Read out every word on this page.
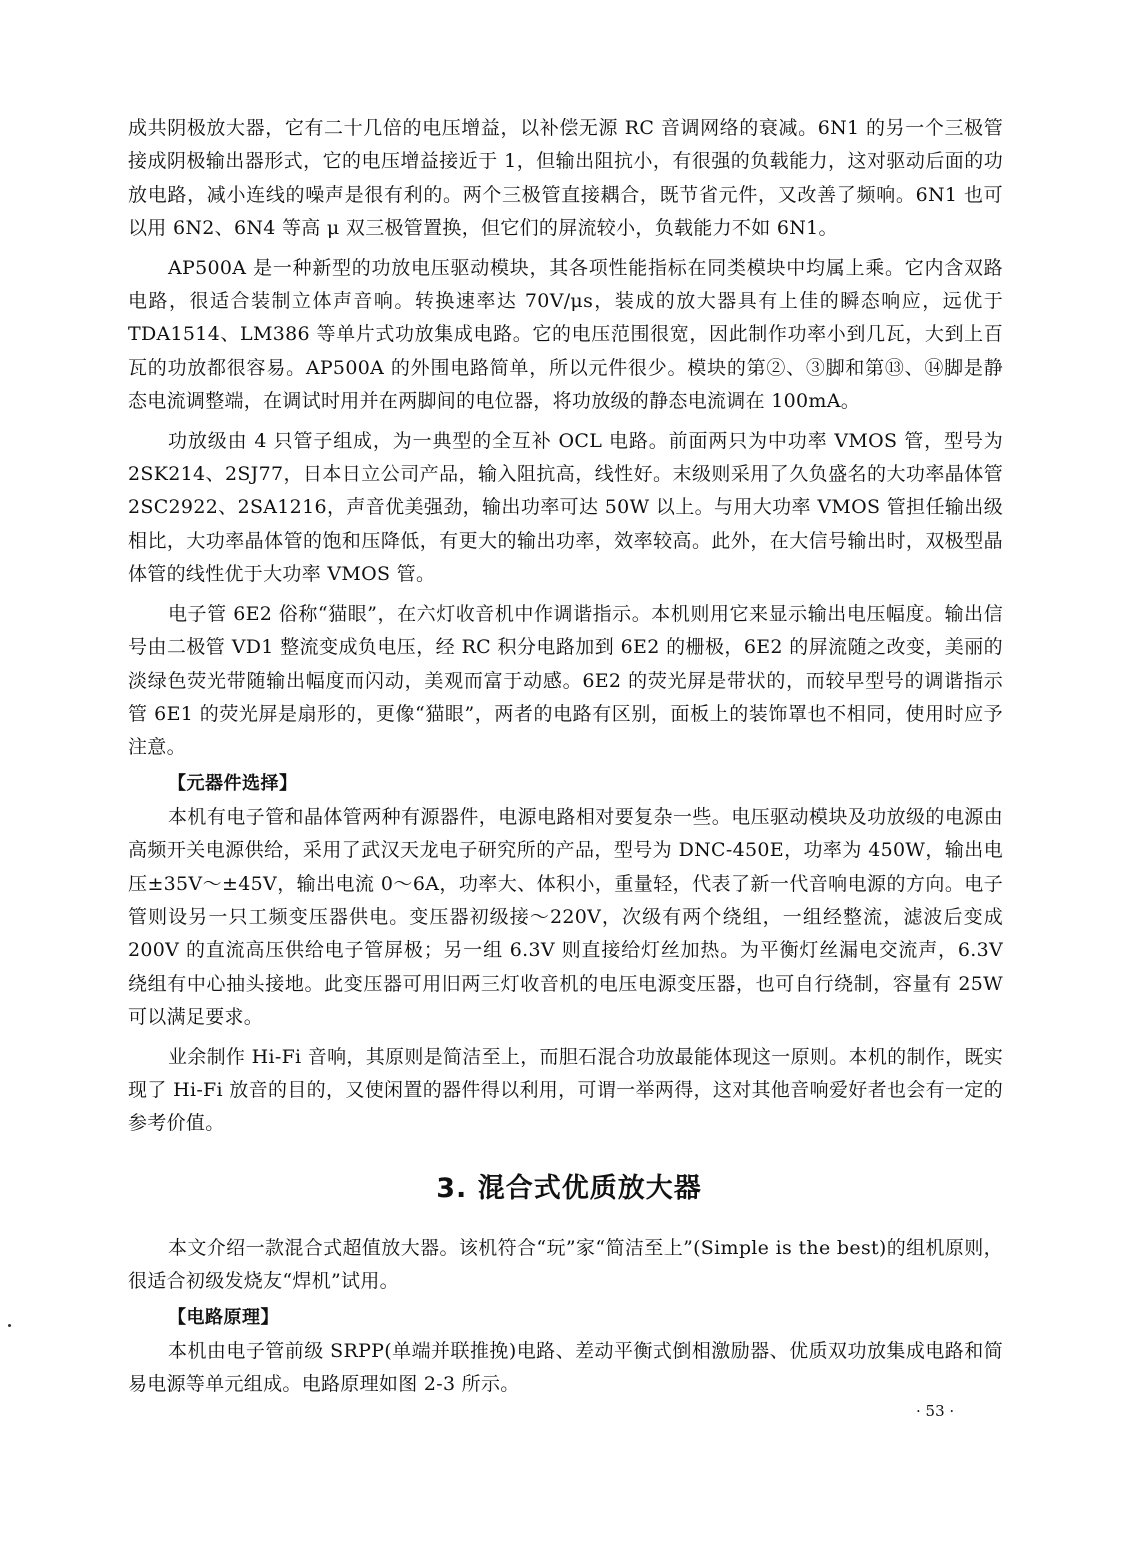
成共阴极放大器，它有二十几倍的电压增益，以补偿无源 RC 音调网络的衰减。6N1 的另一个三极管接成阴极输出器形式，它的电压增益接近于 1，但输出阻抗小，有很强的负载能力，这对驱动后面的功放电路，减小连线的噪声是很有利的。两个三极管直接耦合，既节省元件，又改善了频响。6N1 也可以用 6N2、6N4 等高 μ 双三极管置换，但它们的屏流较小，负载能力不如 6N1。

AP500A 是一种新型的功放电压驱动模块，其各项性能指标在同类模块中均属上乘。它内含双路电路，很适合装制立体声音响。转换速率达 70V/μs，装成的放大器具有上佳的瞬态响应，远优于 TDA1514、LM386 等单片式功放集成电路。它的电压范围很宽，因此制作功率小到几瓦，大到上百瓦的功放都很容易。AP500A 的外围电路简单，所以元件很少。模块的第②、③脚和第⑬、⑭脚是静态电流调整端，在调试时用并在两脚间的电位器，将功放级的静态电流调在 100mA。

功放级由 4 只管子组成，为一典型的全互补 OCL 电路。前面两只为中功率 VMOS 管，型号为 2SK214、2SJ77，日本日立公司产品，输入阻抗高，线性好。末级则采用了久负盛名的大功率晶体管 2SC2922、2SA1216，声音优美强劲，输出功率可达 50W 以上。与用大功率 VMOS 管担任输出级相比，大功率晶体管的饱和压降低，有更大的输出功率，效率较高。此外，在大信号输出时，双极型晶体管的线性优于大功率 VMOS 管。

电子管 6E2 俗称“猫眼”，在六灯收音机中作调谐指示。本机则用它来显示输出电压幅度。输出信号由二极管 VD1 整流变成负电压，经 RC 积分电路加到 6E2 的栅极，6E2 的屏流随之改变，美丽的淡绿色荧光带随输出幅度而闪动，美观而富于动感。6E2 的荧光屏是带状的，而较早型号的调谐指示管 6E1 的荧光屏是扇形的，更像“猫眼”，两者的电路有区别，面板上的装饰罩也不相同，使用时应予注意。

【元器件选择】

本机有电子管和晶体管两种有源器件，电源电路相对要复杂一些。电压驱动模块及功放级的电源由高频开关电源供给，采用了武汉天龙电子研究所的产品，型号为 DNC-450E，功率为 450W，输出电压±35V～±45V，输出电流 0～6A，功率大、体积小，重量轻，代表了新一代音响电源的方向。电子管则设另一只工频变压器供电。变压器初级接～220V，次级有两个绕组，一组经整流，滤波后变成 200V 的直流高压供给电子管屏极；另一组 6.3V 则直接给灯丝加热。为平衡灯丝漏电交流声，6.3V 绕组有中心抽头接地。此变压器可用旧两三灯收音机的电压电源变压器，也可自行绕制，容量有 25W 可以满足要求。

业余制作 Hi-Fi 音响，其原则是简洁至上，而胆石混合功放最能体现这一原则。本机的制作，既实现了 Hi-Fi 放音的目的，又使闲置的器件得以利用，可谓一举两得，这对其他音响爱好者也会有一定的参考价值。

3. 混合式优质放大器

本文介绍一款混合式超值放大器。该机符合“玩”家“简洁至上”(Simple is the best)的组机原则，很适合初级发烧友“焊机”试用。

【电路原理】

本机由电子管前级 SRPP(单端并联推挽)电路、差动平衡式倒相激励器、优质双功放集成电路和简易电源等单元组成。电路原理如图 2-3 所示。

· 53 ·
